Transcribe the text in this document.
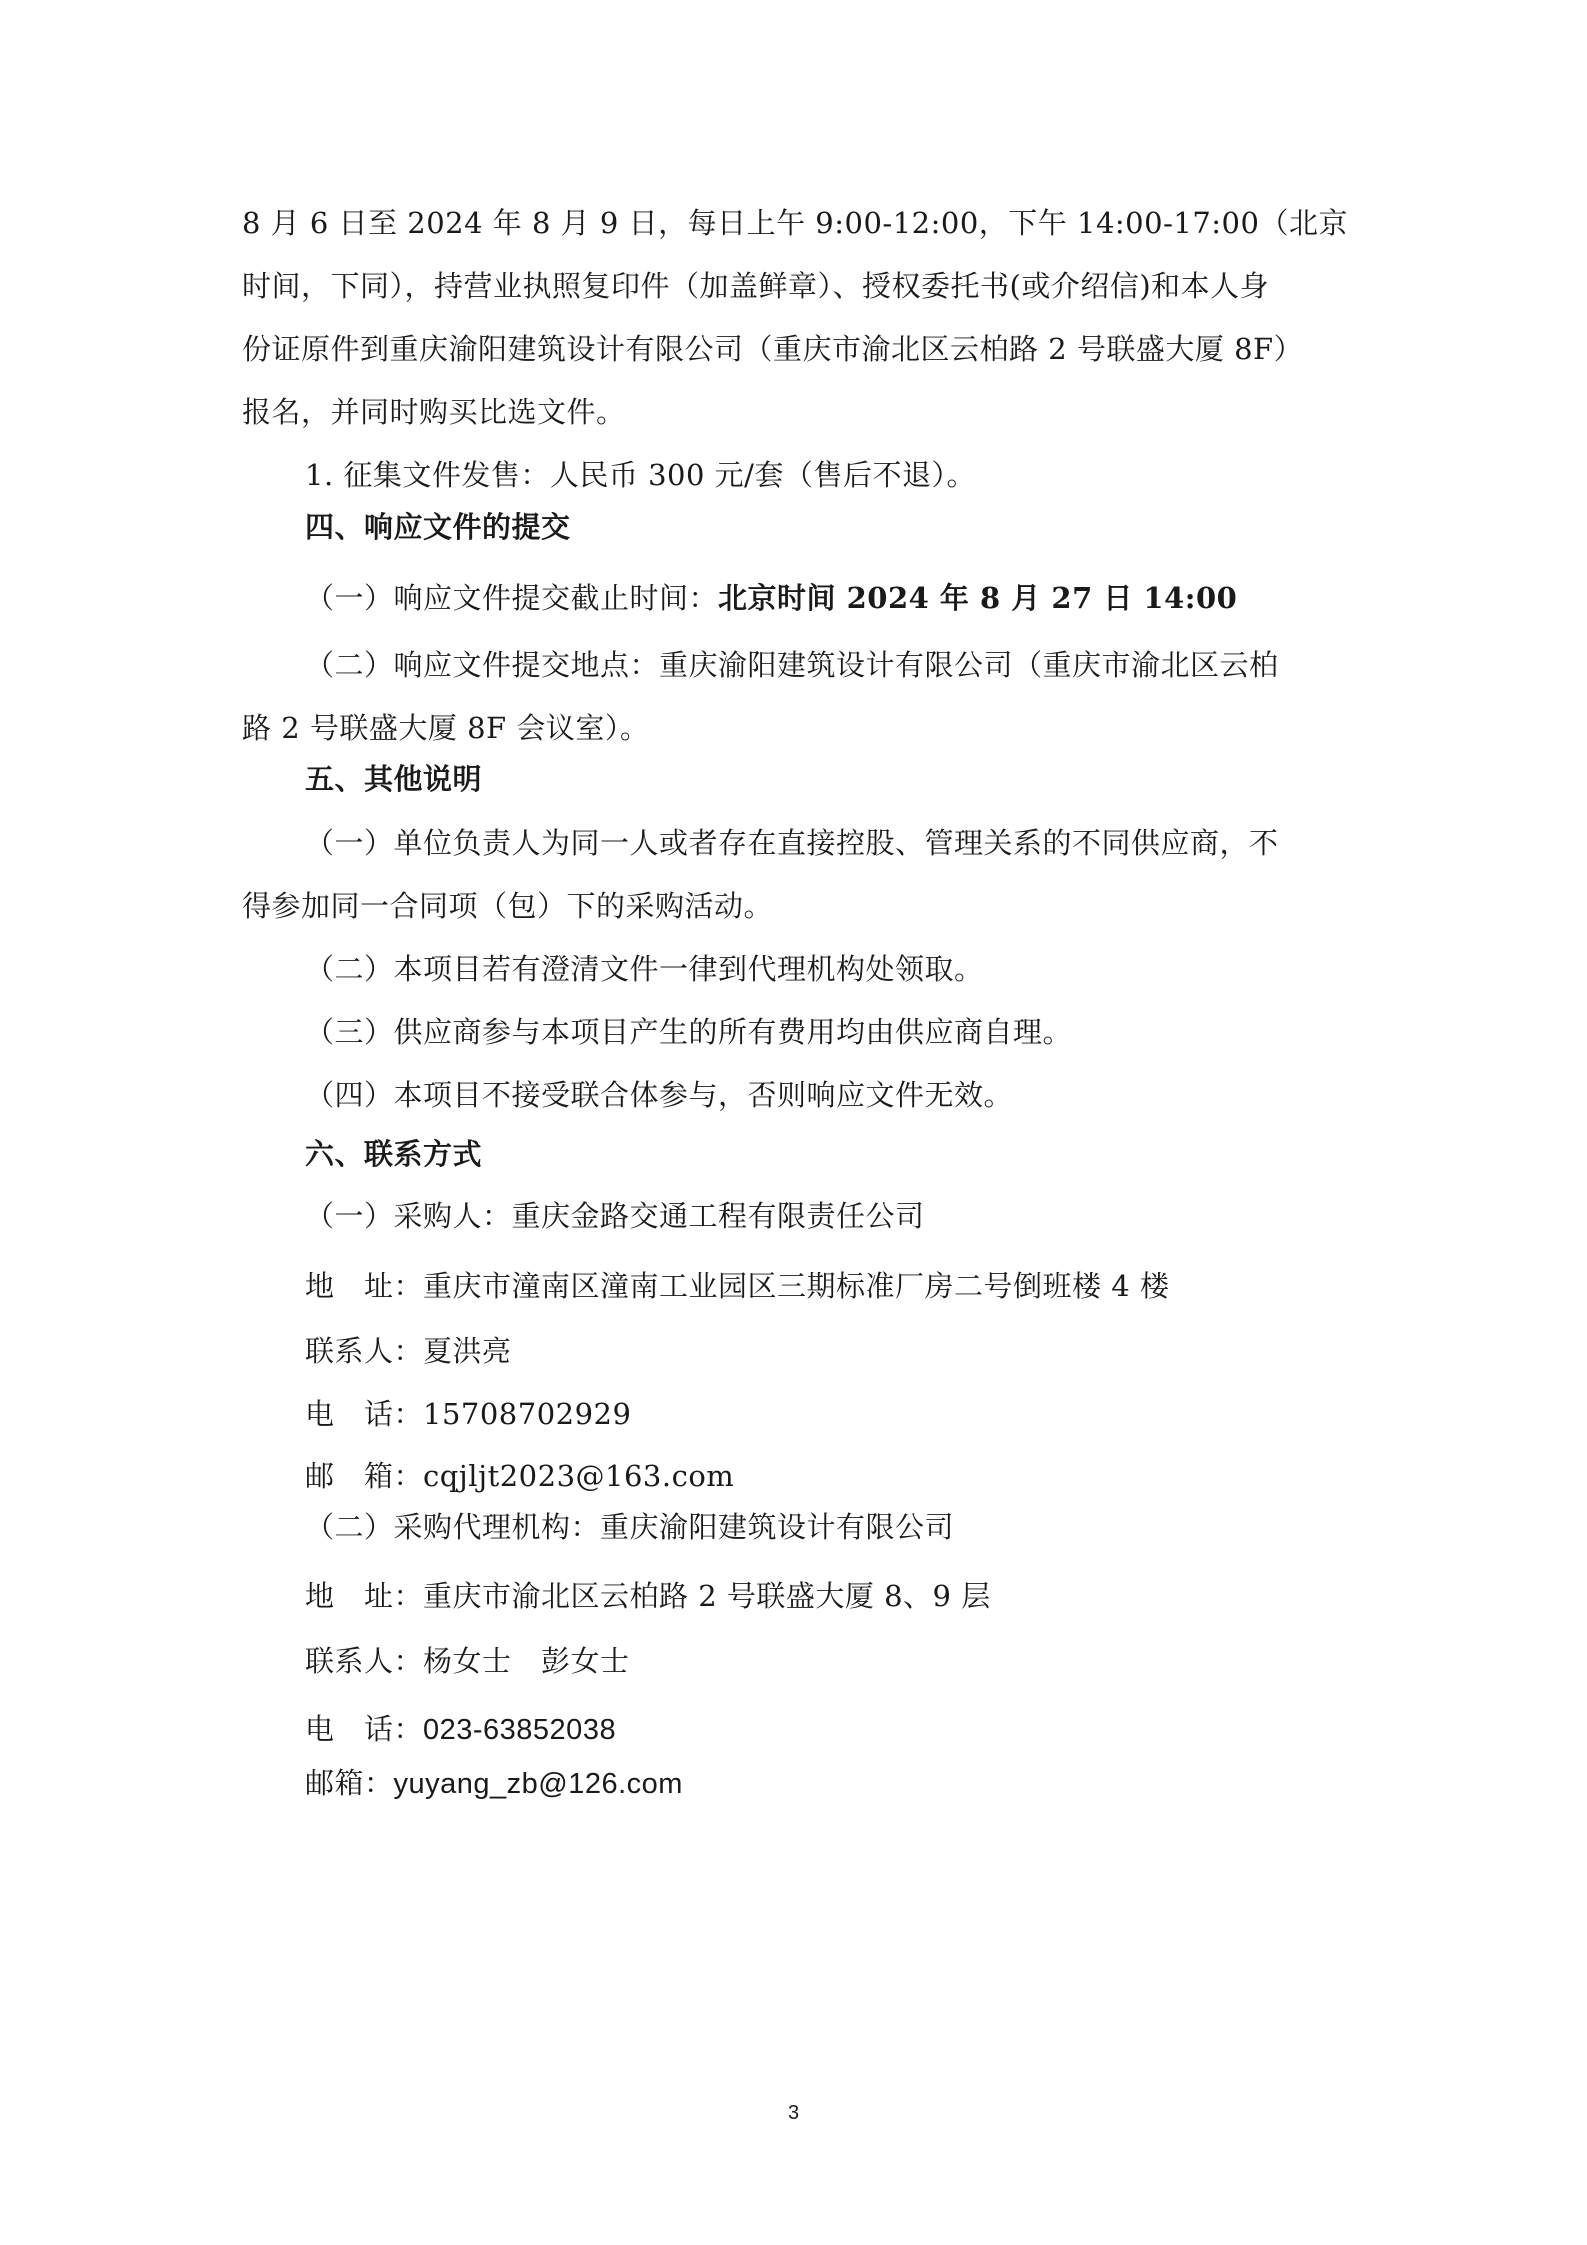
8 月 6 日至 2024 年 8 月 9 日，每日上午 9:00-12:00，下午 14:00-17:00（北京
时间，下同），持营业执照复印件（加盖鲜章）、授权委托书(或介绍信)和本人身
份证原件到重庆渝阳建筑设计有限公司（重庆市渝北区云柏路 2 号联盛大厦 8F）
报名，并同时购买比选文件。
1. 征集文件发售：人民币 300 元/套（售后不退）。
四、响应文件的提交
（一）响应文件提交截止时间：北京时间 2024 年 8 月 27 日 14:00
（二）响应文件提交地点：重庆渝阳建筑设计有限公司（重庆市渝北区云柏
路 2 号联盛大厦 8F 会议室）。
五、其他说明
（一）单位负责人为同一人或者存在直接控股、管理关系的不同供应商，不
得参加同一合同项（包）下的采购活动。
（二）本项目若有澄清文件一律到代理机构处领取。
（三）供应商参与本项目产生的所有费用均由供应商自理。
（四）本项目不接受联合体参与，否则响应文件无效。
六、联系方式
（一）采购人：重庆金路交通工程有限责任公司
地　址：重庆市潼南区潼南工业园区三期标准厂房二号倒班楼 4 楼
联系人：夏洪亮
电　话：15708702929
邮　箱：cqjljt2023@163.com
（二）采购代理机构：重庆渝阳建筑设计有限公司
地　址：重庆市渝北区云柏路 2 号联盛大厦 8、9 层
联系人：杨女士　彭女士
电　话：023-63852038
邮箱：yuyang_zb@126.com
3
